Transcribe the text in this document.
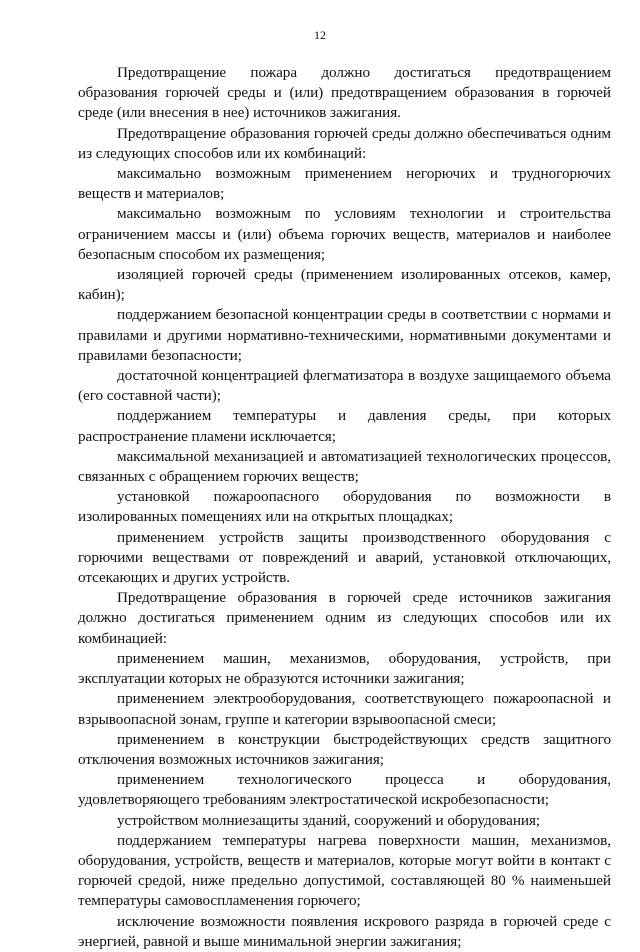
12

Предотвращение пожара должно достигаться предотвращением образования горючей среды и (или) предотвращением образования в горючей среде (или внесения в нее) источников зажигания.

Предотвращение образования горючей среды должно обеспечиваться одним из следующих способов или их комбинаций:

максимально возможным применением негорючих и трудногорючих веществ и материалов;

максимально возможным по условиям технологии и строительства ограничением массы и (или) объема горючих веществ, материалов и наиболее безопасным способом их размещения;

изоляцией горючей среды (применением изолированных отсеков, камер, кабин);

поддержанием безопасной концентрации среды в соответствии с нормами и правилами и другими нормативно-техническими, нормативными документами и правилами безопасности;

достаточной концентрацией флегматизатора в воздухе защищаемого объема (его составной части);

поддержанием температуры и давления среды, при которых распространение пламени исключается;

максимальной механизацией и автоматизацией технологических процессов, связанных с обращением горючих веществ;

установкой пожароопасного оборудования по возможности в изолированных помещениях или на открытых площадках;

применением устройств защиты производственного оборудования с горючими веществами от повреждений и аварий, установкой отключающих, отсекающих и других устройств.

Предотвращение образования в горючей среде источников зажигания должно достигаться применением одним из следующих способов или их комбинацией:

применением машин, механизмов, оборудования, устройств, при эксплуатации которых не образуются источники зажигания;

применением электрооборудования, соответствующего пожароопасной и взрывоопасной зонам, группе и категории взрывоопасной смеси;

применением в конструкции быстродействующих средств защитного отключения возможных источников зажигания;

применением технологического процесса и оборудования, удовлетворяющего требованиям электростатической искробезопасности;

устройством молниезащиты зданий, сооружений и оборудования;

поддержанием температуры нагрева поверхности машин, механизмов, оборудования, устройств, веществ и материалов, которые могут войти в контакт с горючей средой, ниже предельно допустимой, составляющей 80 % наименьшей температуры самовоспламенения горючего;

исключение возможности появления искрового разряда в горючей среде с энергией, равной и выше минимальной энергии зажигания;
